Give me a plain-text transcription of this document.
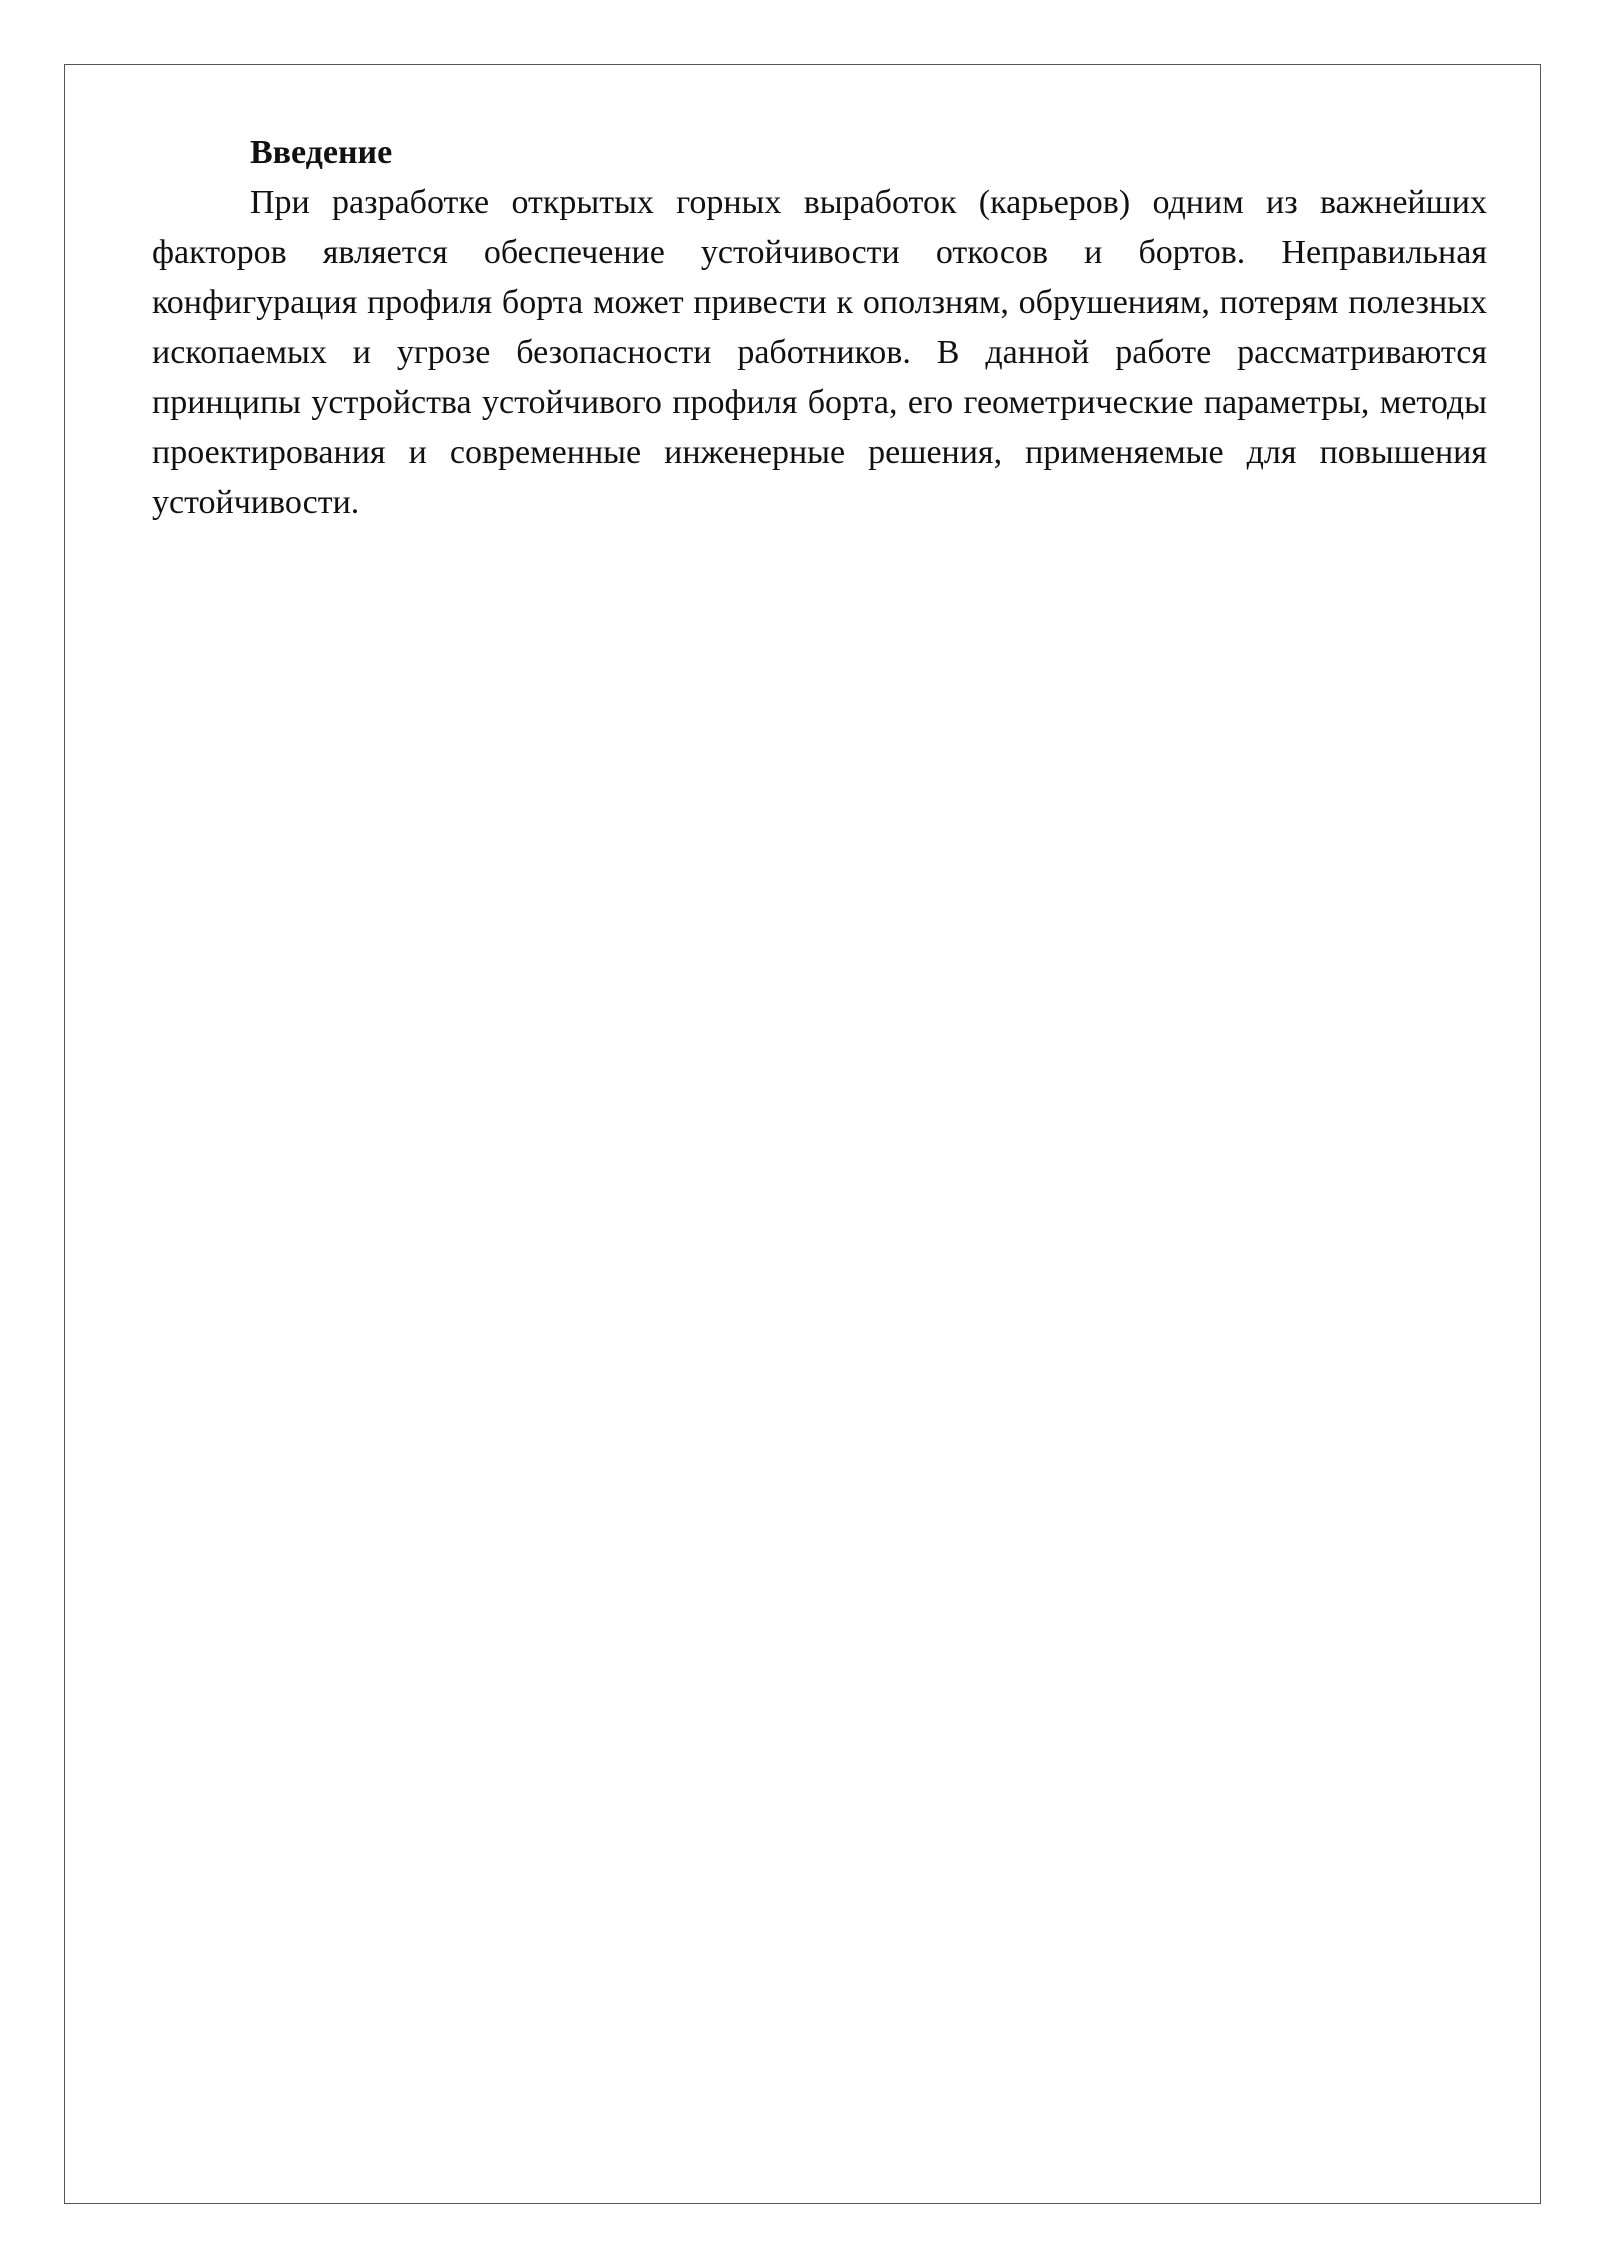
Введение

При разработке открытых горных выработок (карьеров) одним из важнейших факторов является обеспечение устойчивости откосов и бортов. Неправильная конфигурация профиля борта может привести к оползням, обрушениям, потерям полезных ископаемых и угрозе безопасности работников. В данной работе рассматриваются принципы устройства устойчивого профиля борта, его геометрические параметры, методы проектирования и современные инженерные решения, применяемые для повышения устойчивости.
